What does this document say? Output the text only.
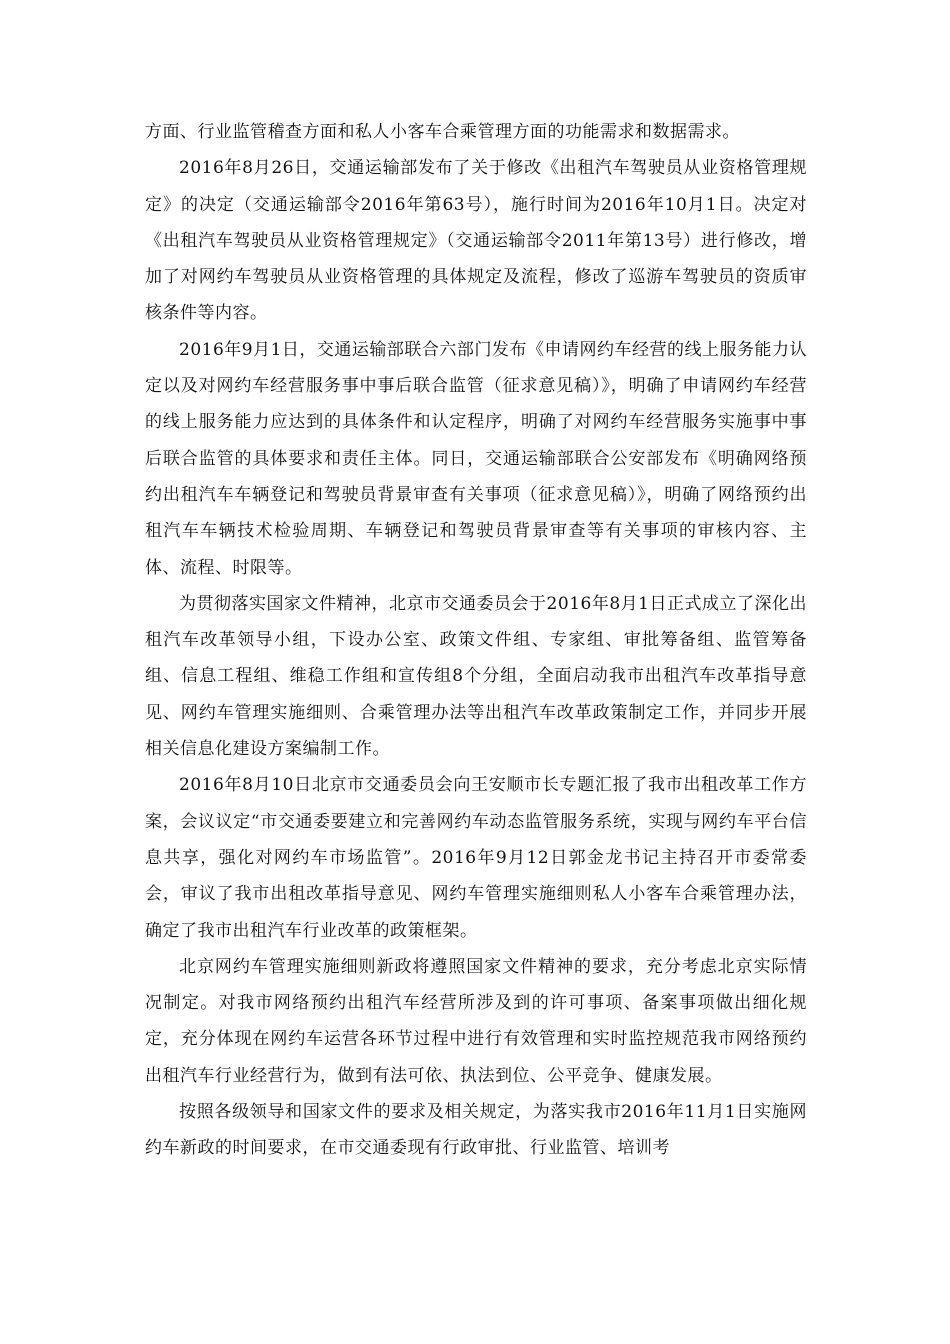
方面、行业监管稽查方面和私人小客车合乘管理方面的功能需求和数据需求。

2016年8月26日，交通运输部发布了关于修改《出租汽车驾驶员从业资格管理规定》的决定（交通运输部令2016年第63号），施行时间为2016年10月1日。决定对《出租汽车驾驶员从业资格管理规定》（交通运输部令2011年第13号）进行修改，增加了对网约车驾驶员从业资格管理的具体规定及流程，修改了巡游车驾驶员的资质审核条件等内容。

2016年9月1日，交通运输部联合六部门发布《申请网约车经营的线上服务能力认定以及对网约车经营服务事中事后联合监管（征求意见稿）》，明确了申请网约车经营的线上服务能力应达到的具体条件和认定程序，明确了对网约车经营服务实施事中事后联合监管的具体要求和责任主体。同日，交通运输部联合公安部发布《明确网络预约出租汽车车辆登记和驾驶员背景审查有关事项（征求意见稿）》，明确了网络预约出租汽车车辆技术检验周期、车辆登记和驾驶员背景审查等有关事项的审核内容、主体、流程、时限等。

为贯彻落实国家文件精神，北京市交通委员会于2016年8月1日正式成立了深化出租汽车改革领导小组，下设办公室、政策文件组、专家组、审批筹备组、监管筹备组、信息工程组、维稳工作组和宣传组8个分组，全面启动我市出租汽车改革指导意见、网约车管理实施细则、合乘管理办法等出租汽车改革政策制定工作，并同步开展相关信息化建设方案编制工作。

2016年8月10日北京市交通委员会向王安顺市长专题汇报了我市出租改革工作方案，会议议定“市交通委要建立和完善网约车动态监管服务系统，实现与网约车平台信息共享，强化对网约车市场监管”。2016年9月12日郭金龙书记主持召开市委常委会，审议了我市出租改革指导意见、网约车管理实施细则私人小客车合乘管理办法，确定了我市出租汽车行业改革的政策框架。

北京网约车管理实施细则新政将遵照国家文件精神的要求，充分考虑北京实际情况制定。对我市网络预约出租汽车经营所涉及到的许可事项、备案事项做出细化规定，充分体现在网约车运营各环节过程中进行有效管理和实时监控规范我市网络预约出租汽车行业经营行为，做到有法可依、执法到位、公平竞争、健康发展。

按照各级领导和国家文件的要求及相关规定，为落实我市2016年11月1日实施网约车新政的时间要求，在市交通委现有行政审批、行业监管、培训考
